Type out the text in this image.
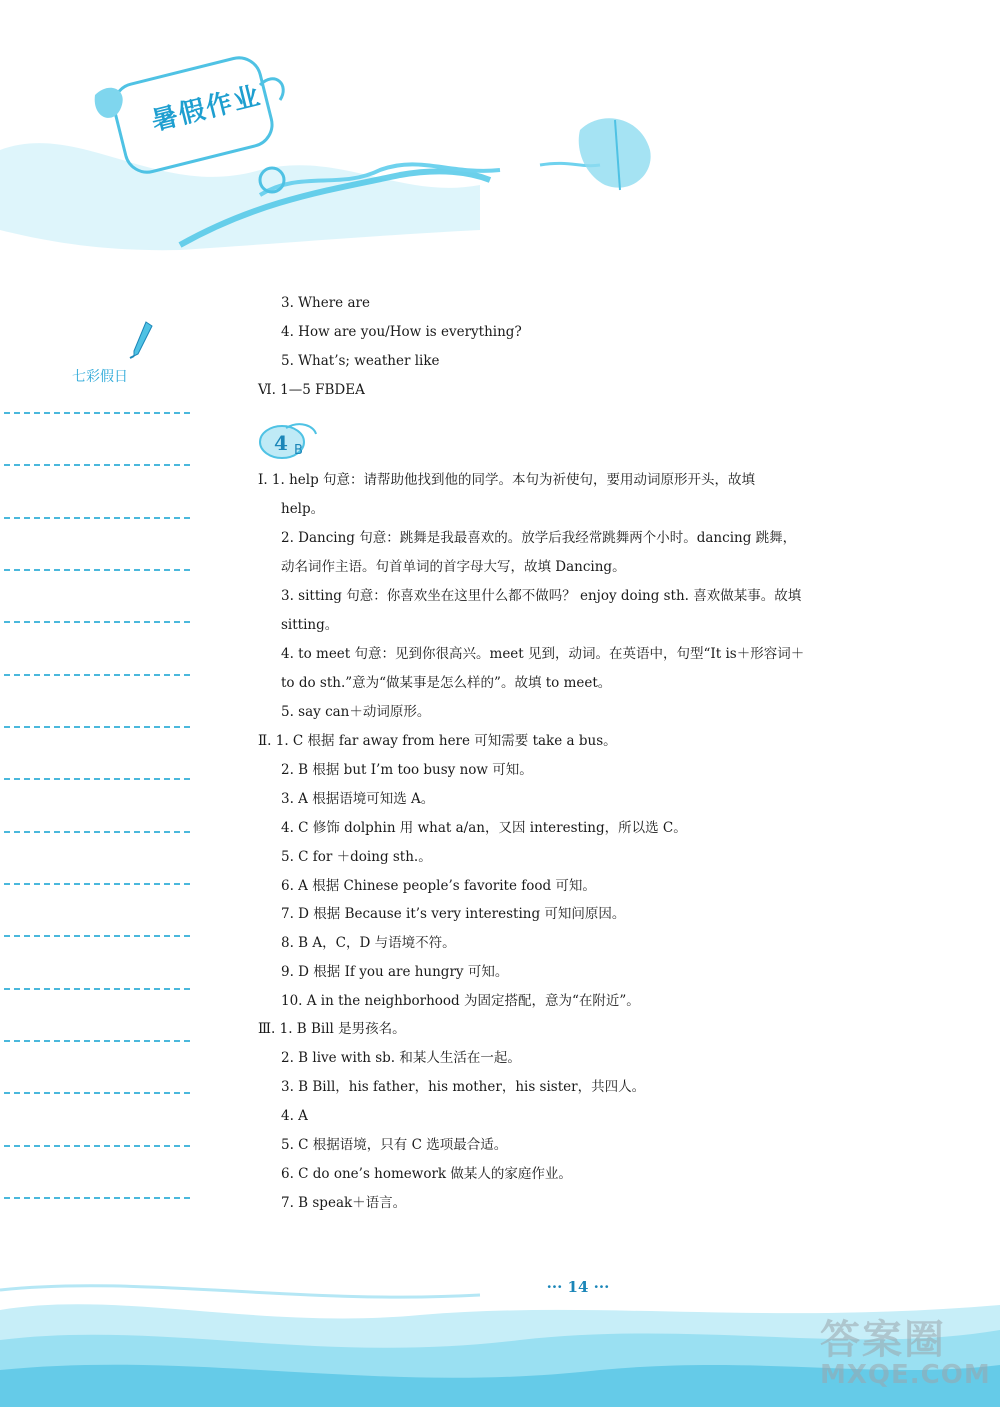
暑假作业
七彩假日
4 B
3. Where are
4. How are you/How is everything?
5. What’s; weather like
Ⅵ. 1—5 FBDEA
Ⅰ. 1. help 句意：请帮助他找到他的同学。本句为祈使句，要用动词原形开头，故填
help。
2. Dancing 句意：跳舞是我最喜欢的。放学后我经常跳舞两个小时。dancing 跳舞，
动名词作主语。句首单词的首字母大写，故填 Dancing。
3. sitting 句意：你喜欢坐在这里什么都不做吗？ enjoy doing sth. 喜欢做某事。故填
sitting。
4. to meet 句意：见到你很高兴。meet 见到，动词。在英语中，句型“It is＋形容词＋
to do sth.”意为“做某事是怎么样的”。故填 to meet。
5. say can＋动词原形。
Ⅱ. 1. C 根据 far away from here 可知需要 take a bus。
2. B 根据 but I’m too busy now 可知。
3. A 根据语境可知选 A。
4. C 修饰 dolphin 用 what a/an，又因 interesting，所以选 C。
5. C for ＋doing sth.。
6. A 根据 Chinese people’s favorite food 可知。
7. D 根据 Because it’s very interesting 可知问原因。
8. B A，C，D 与语境不符。
9. D 根据 If you are hungry 可知。
10. A in the neighborhood 为固定搭配，意为“在附近”。
Ⅲ. 1. B Bill 是男孩名。
2. B live with sb. 和某人生活在一起。
3. B Bill，his father，his mother，his sister，共四人。
4. A
5. C 根据语境，只有 C 选项最合适。
6. C do one’s homework 做某人的家庭作业。
7. B speak＋语言。
··· 14 ···
答案圈
MXQE.COM
